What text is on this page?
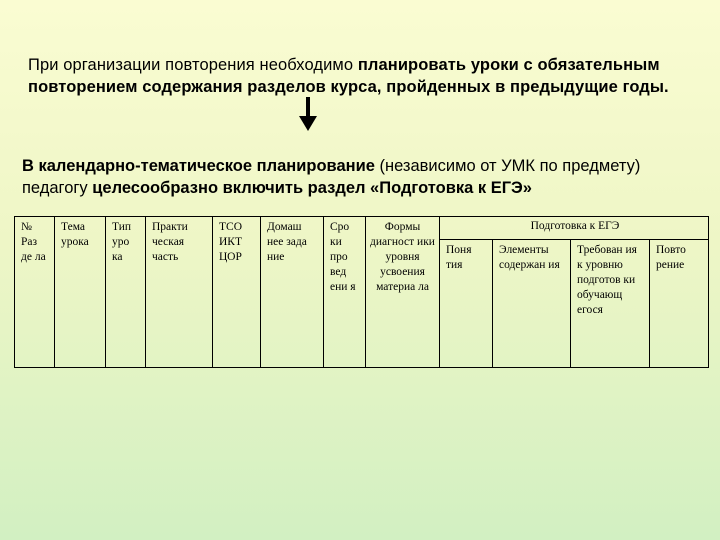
При организации повторения необходимо планировать уроки с обязательным повторением содержания разделов курса, пройденных в предыдущие годы.

В календарно-тематическое планирование (независимо от УМК по предмету) педагогу целесообразно включить раздел «Подготовка к ЕГЭ»

№ Раз де ла	Тема урока	Тип уро ка	Практи ческая часть	ТСО ИКТ ЦОР	Домаш нее зада ние	Сро ки про вед ени я	Формы диагност ики уровня усвоения материа ла	Подготовка к ЕГЭ			
								Поня тия	Элементы содержан ия	Требован ия к уровню подготов ки обучающ егося	Повто рение
